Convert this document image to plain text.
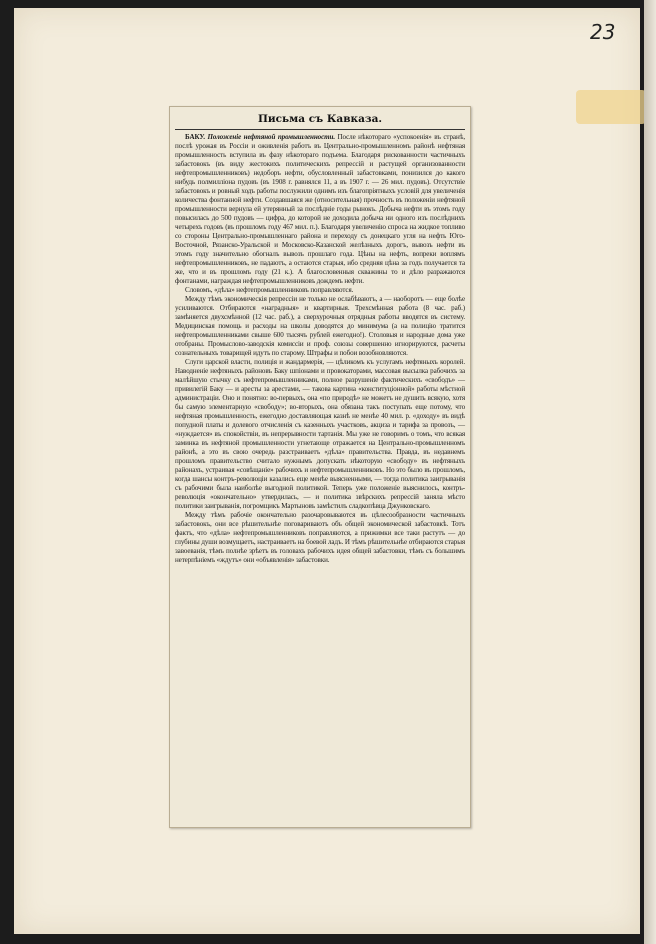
23
Письма съ Кавказа.

БАКУ. Положеніе нефтяной промышленности. После нѣкотораго «успокоенія» въ странѣ, послѣ урожая въ Россіи и оживленія работъ въ Центрально-промышленномъ районѣ нефтяная промышленность вступила въ фазу нѣкотораго подъема. Благодаря рискованности частичныхъ забастовокъ (въ виду жестокихъ политическихъ репрессій и растущей организованности нефтепромышленниковъ) недоборъ нефти, обусловленный забастовками, понизился до какого нибудь полмилліона пудовъ (въ 1908 г. равнялся 11, а въ 1907 г. — 26 мил. пудовъ). Отсутствіе забастовокъ и ровный ходъ работы послужили однимъ изъ благопріятныхъ условій для увеличенія количества фонтанной нефти. Создавшаяся же (относительная) прочность въ положеніи нефтяной промышленности вернула ей утерянный за послѣдніе годы рынокъ. Добыча нефти въ этомъ году повысилась до 500 пудовъ — цифра, до которой не доходила добыча ни одного изъ послѣднихъ четырехъ годовъ (въ прошломъ году 467 мил. п.). Благодаря увеличенію спроса на жидкое топливо со стороны Центрально-промышленнаго района и переходу съ донецкаго угля на нефть Юго-Восточной, Рязанско-Уральской и Московско-Казанской желѣзныхъ дорогъ, вывозъ нефти въ этомъ году значительно обогналъ вывозъ прошлаго года. Цѣны на нефть, вопреки воплямъ нефтепромышленниковъ, не падаютъ, а остаются старыя, ибо средняя цѣна за годъ получается та же, что и въ прошломъ году (21 к.). А благословенныя скважины то и дѣло разражаются фонтанами, награждая нефтепромышленниковъ дождемъ нефти.

Словомъ, «дѣла» нефтепромышленниковъ поправляются.

Между тѣмъ экономическія репрессіи не только не ослабѣваютъ, а — наоборотъ — еще болѣе усиливаются. Отбираются «наградныя» и квартирныя. Трехсмѣнная работа (8 час. раб.) замѣняется двухсмѣнной (12 час. раб.), а сверхурочныя отрядныя работы вводятся въ систему. Медицинская помощь и расходы на школы доводятся до минимума (а на полицію тратится нефтепромышленниками свыше 600 тысячъ рублей ежегодно!). Столовыя и народные дома уже отобраны. Промыслово-заводскія комиссіи и проф. союзы совершенно игнорируются, расчеты сознательныхъ товарищей идутъ по старому. Штрафы и побои возобновляются.

Слуги царской власти, полиція и жандармерія, — цѣликомъ къ услугамъ нефтяныхъ королей. Наводненіе нефтяныхъ районовъ Баку шпіонами и провокаторами, массовая высылка рабочихъ за малѣйшую стычку съ нефтепромышленниками, полное разрушеніе фактическихъ «свободъ» — привилегій Баку — и аресты за арестами, — такова картина «конституціонной» работы мѣстной администраціи. Оно и понятно: во-первыхъ, она «по природѣ» не можетъ не душить всякую, хотя бы самую элементарную «свободу»; во-вторыхъ, она обязана такъ поступать еще потому, что нефтяная промышленность, ежегодно доставляющая казнѣ не менѣе 40 мил. р. «доходу» въ видѣ попудной платы и долевого отчисленія съ казенныхъ участковъ, акциза и тарифа за провозъ, — «нуждается» въ спокойствіи, въ непрерывности тартанія. Мы уже не говоримъ о томъ, что всякая заминка въ нефтяной промышленности угнетающе отражается на Центрально-промышленномъ районѣ, а это въ свою очередь разстраиваетъ «дѣла» правительства. Правда, въ недавнемъ прошломъ правительство считало нужнымъ допускать нѣкоторую «свободу» въ нефтяныхъ районахъ, устраивая «совѣщаніе» рабочихъ и нефтепромышленниковъ. Но это было въ прошломъ, когда шансы контръ-революціи казались еще менѣе выясненными, — тогда политика заигрыванія съ рабочими была наиболѣе выгодной политикой. Теперь уже положеніе выяснилось, контръ-революція «окончательно» утвердилась, — и политика звѣрскихъ репрессій заняла мѣсто политики заигрыванія, погромщикъ Мартыновъ замѣстилъ сладкопѣвца Джунковскаго.

Между тѣмъ рабочіе окончательно разочаровываются въ цѣлесообразности частичныхъ забастовокъ, они все рѣшительнѣе поговариваютъ объ общей экономической забастовкѣ. Тотъ фактъ, что «дѣла» нефтепромышленниковъ поправляются, а прижимки все таки растутъ — до глубины души возмущаетъ, настраиваетъ на боевой ладъ. И тѣмъ рѣшительнѣе отбираются старыя завоеванія, тѣмъ полнѣе зрѣетъ въ головахъ рабочихъ идея общей забастовки, тѣмъ съ большимъ нетерпѣніемъ «ждутъ» они «объявленія» забастовки.
